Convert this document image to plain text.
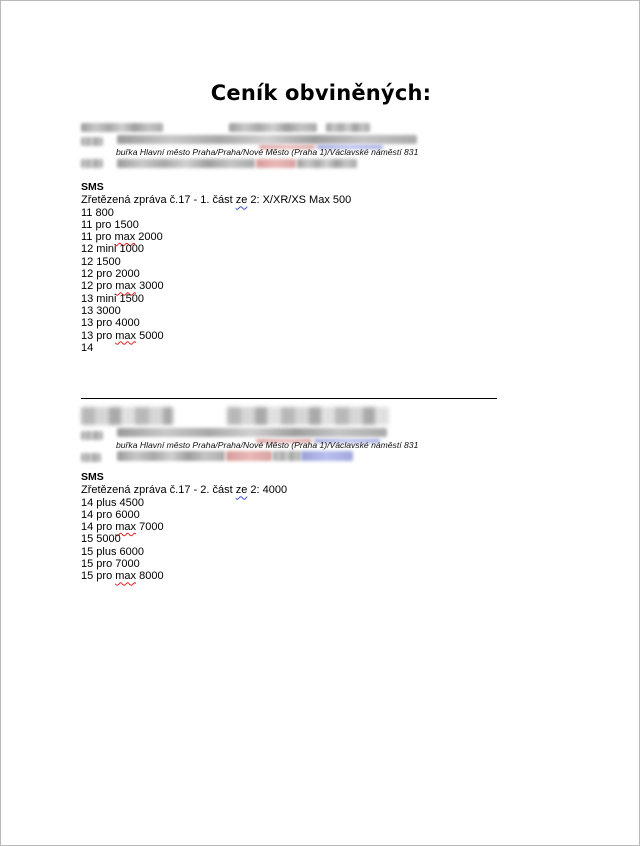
Ceník obviněných:
buřka Hlavní město Praha/Praha/Nové Město (Praha 1)/Václavské náměstí 831
SMS
Zřetězená zpráva č.17 - 1. část ze 2: X/XR/XS Max 500
11 800
11 pro 1500
11 pro max 2000
12 mini 1000
12 1500
12 pro 2000
12 pro max 3000
13 mini 1500
13 3000
13 pro 4000
13 pro max 5000
14
buřka Hlavní město Praha/Praha/Nové Město (Praha 1)/Václavské náměstí 831
SMS
Zřetězená zpráva č.17 - 2. část ze 2: 4000
14 plus 4500
14 pro 6000
14 pro max 7000
15 5000
15 plus 6000
15 pro 7000
15 pro max 8000
